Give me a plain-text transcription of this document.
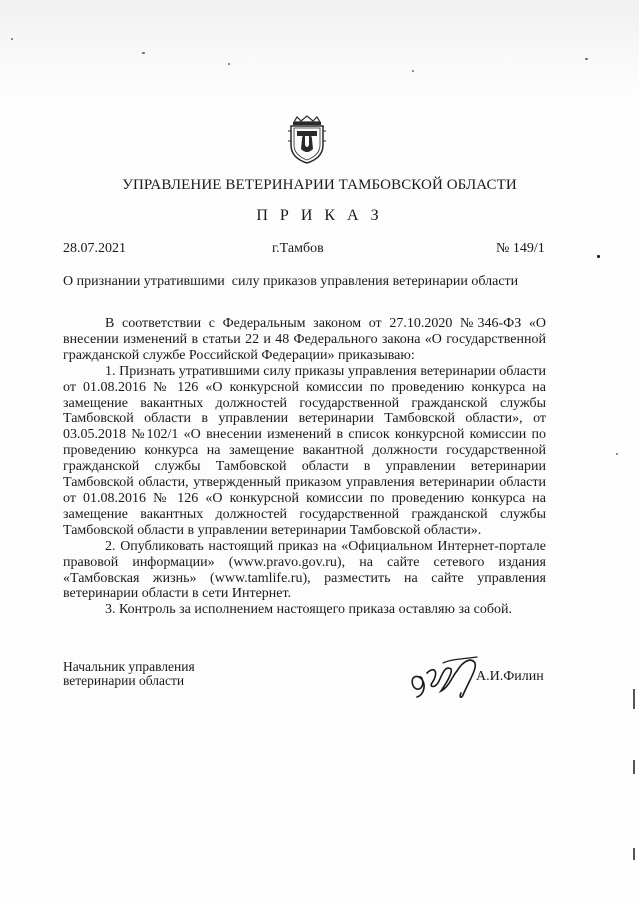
УПРАВЛЕНИЕ ВЕТЕРИНАРИИ ТАМБОВСКОЙ ОБЛАСТИ
П Р И К А З
28.07.2021	г.Тамбов	№ 149/1
О признании утратившими  силу приказов управления ветеринарии области

В соответствии с Федеральным законом от 27.10.2020 №346-ФЗ «О внесении изменений в статьи 22 и 48 Федерального закона «О государственной гражданской службе Российской Федерации» приказываю:

1. Признать утратившими силу приказы управления ветеринарии области от 01.08.2016 № 126 «О конкурсной комиссии по проведению конкурса на замещение вакантных должностей государственной гражданской службы Тамбовской области в управлении ветеринарии Тамбовской области», от 03.05.2018 №102/1 «О внесении изменений в список конкурсной комиссии по проведению конкурса на замещение вакантной должности государственной гражданской службы Тамбовской области в управлении ветеринарии Тамбовской области, утвержденный приказом управления ветеринарии области от 01.08.2016 № 126 «О конкурсной комиссии по проведению конкурса на замещение вакантных должностей государственной гражданской службы Тамбовской области в управлении ветеринарии Тамбовской области».

2. Опубликовать настоящий приказ на «Официальном Интернет-портале правовой информации» (www.pravo.gov.ru), на сайте сетевого издания «Тамбовская жизнь» (www.tamlife.ru), разместить на сайте управления ветеринарии области в сети Интернет.

3. Контроль за исполнением настоящего приказа оставляю за собой.

Начальник управления
ветеринарии области	А.И.Филин
